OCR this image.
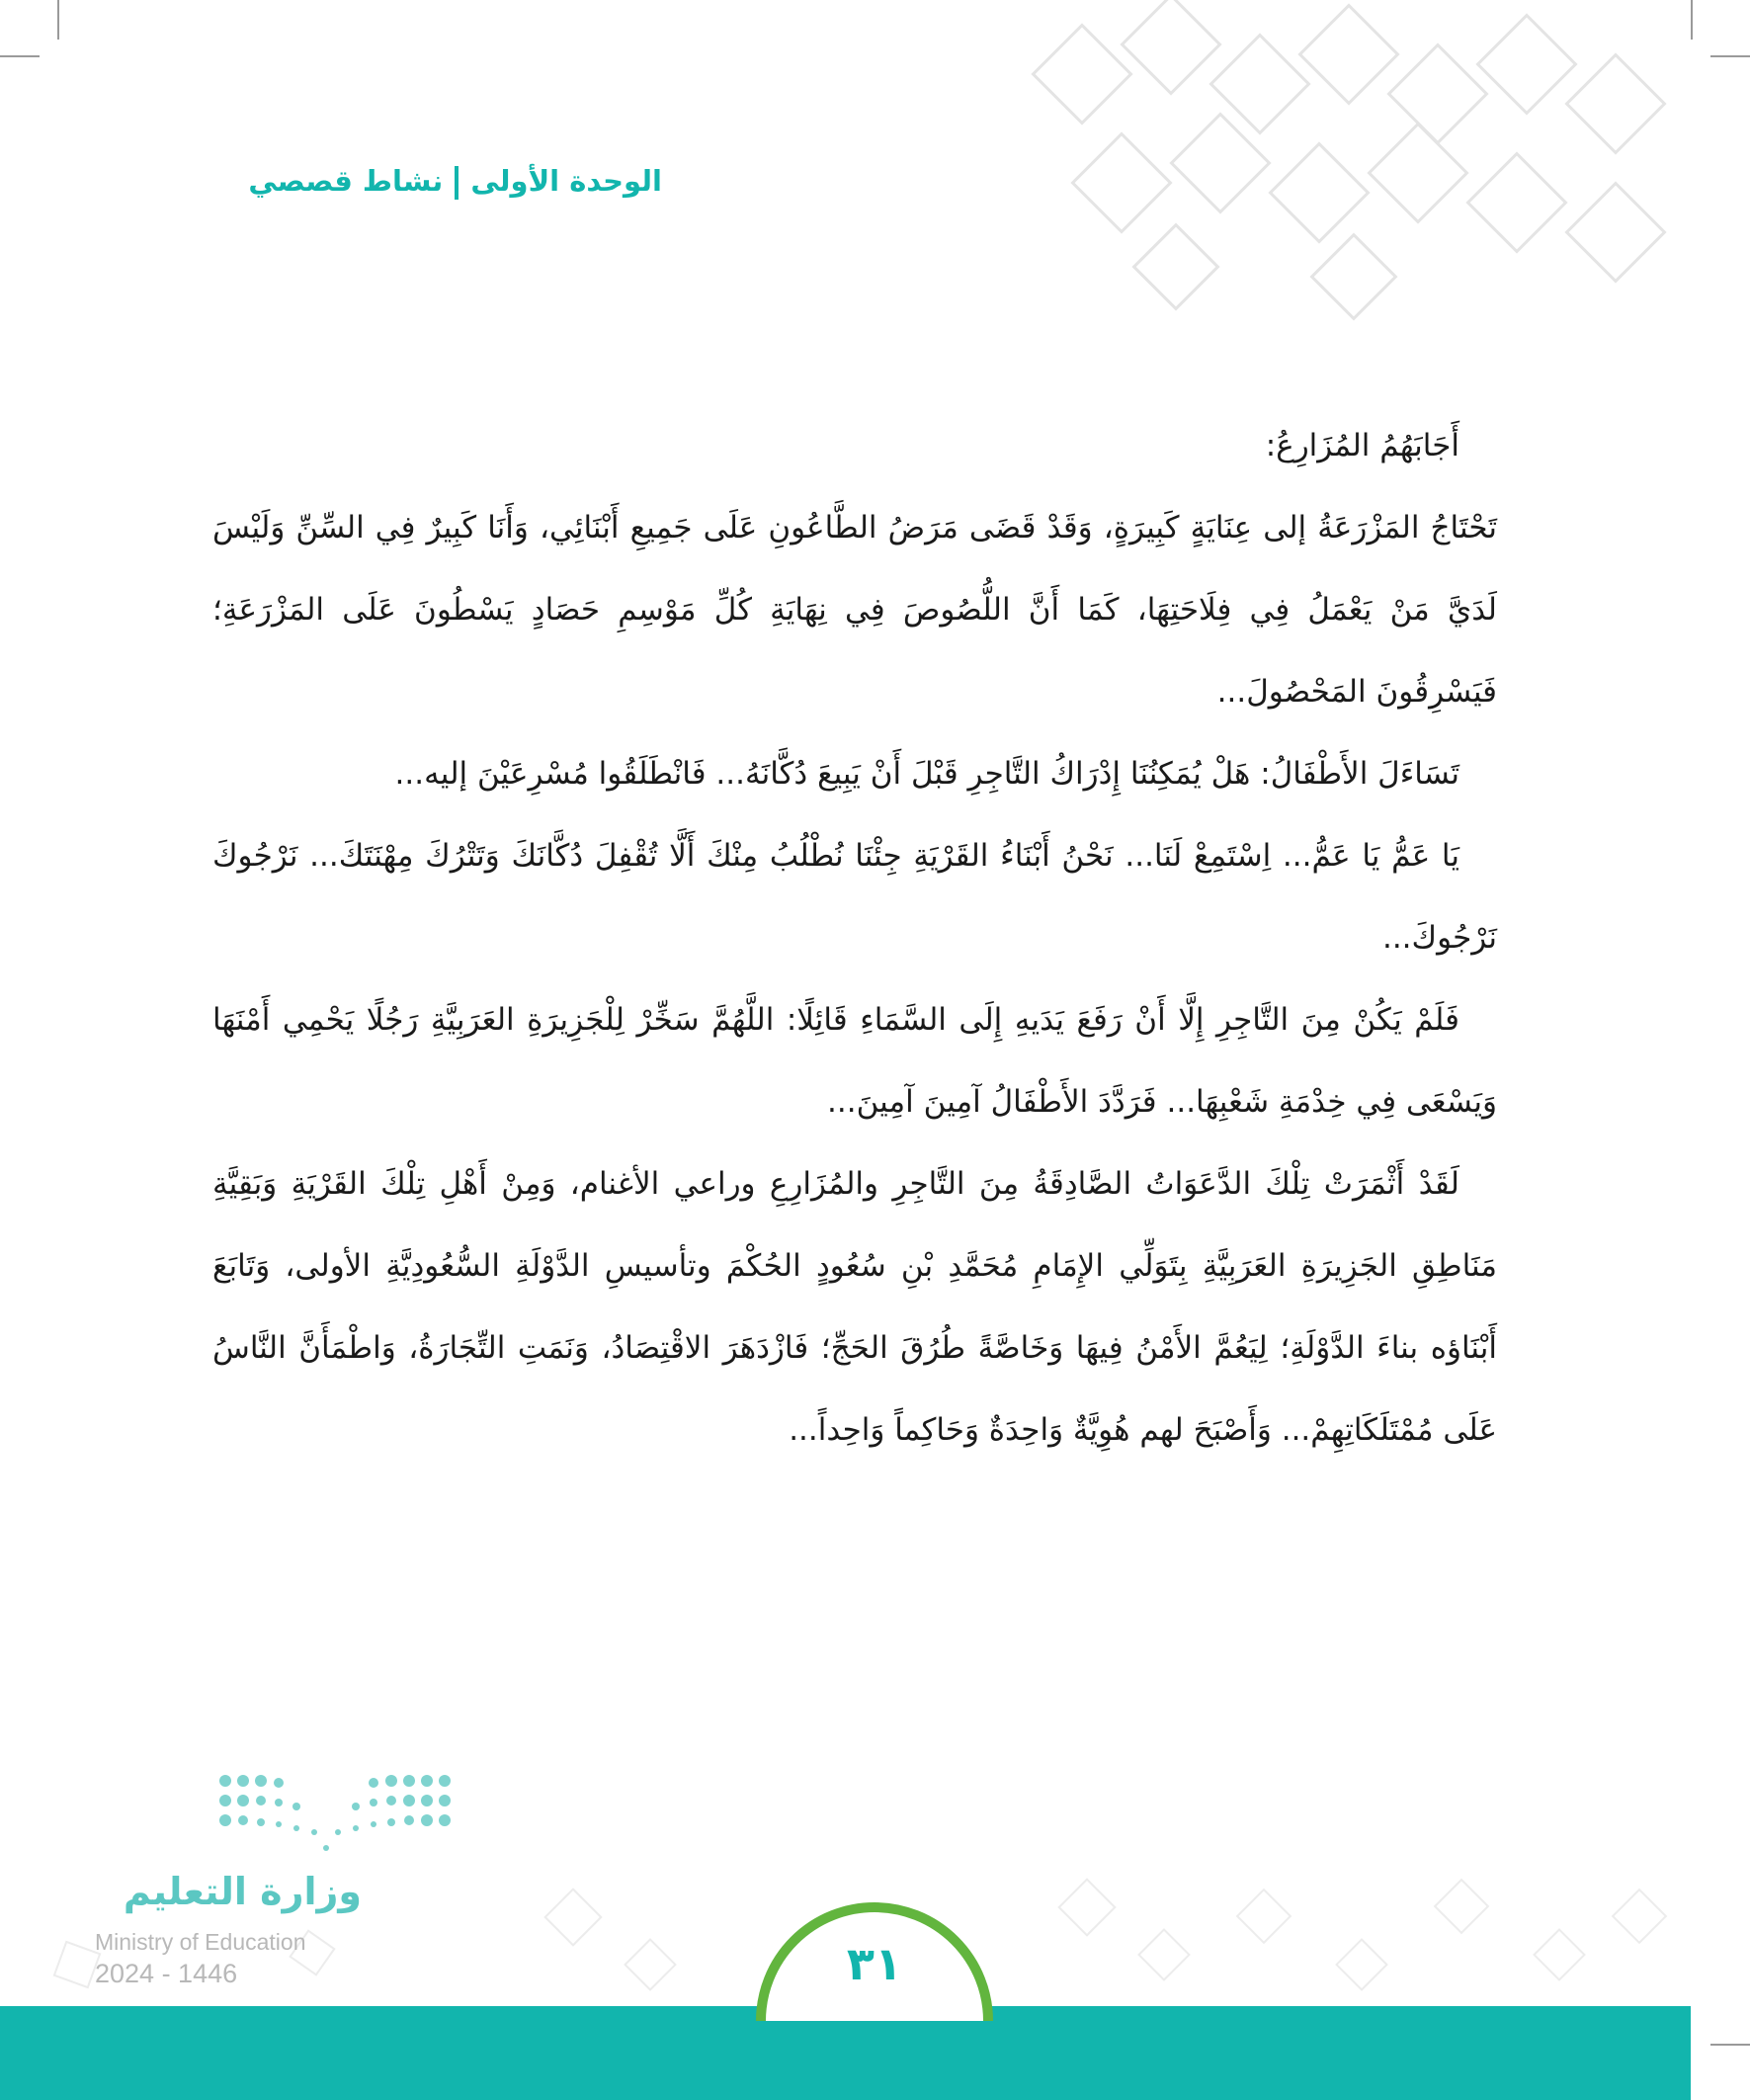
الوحدة الأولىنشاط قصصي

أَجَابَهُمُ المُزَارِعُ:

تَحْتَاجُ المَزْرَعَةُ إلى عِنَايَةٍ كَبِيرَةٍ، وَقَدْ قَضَى مَرَضُ الطَّاعُونِ عَلَى جَمِيعِ أَبْنَائِي، وَأَنَا كَبِيرٌ فِي السِّنِّ وَلَيْسَ لَدَيَّ مَنْ يَعْمَلُ فِي فِلَاحَتِهَا، كَمَا أَنَّ اللُّصُوصَ فِي نِهَايَةِ كُلِّ مَوْسِمِ حَصَادٍ يَسْطُونَ عَلَى المَزْرَعَةِ؛ فَيَسْرِقُونَ المَحْصُولَ...

تَسَاءَلَ الأَطْفَالُ: هَلْ يُمَكِنُنَا إِدْرَاكُ التَّاجِرِ قَبْلَ أَنْ يَبِيعَ دُكَّانَهُ... فَانْطَلَقُوا مُسْرِعَيْنَ إليه...

يَا عَمُّ يَا عَمُّ... اِسْتَمِعْ لَنَا... نَحْنُ أَبْنَاءُ القَرْيَةِ جِئْنَا نُطْلُبُ مِنْكَ أَلَّا تُقْفِلَ دُكَّانَكَ وَتَتْرُكَ مِهْنَتَكَ... نَرْجُوكَ نَرْجُوكَ...

فَلَمْ يَكُنْ مِنَ التَّاجِرِ إِلَّا أَنْ رَفَعَ يَدَيهِ إِلَى السَّمَاءِ قَائِلًا: اللَّهُمَّ سَخِّرْ لِلْجَزِيرَةِ العَرَبِيَّةِ رَجُلًا يَحْمِي أَمْنَهَا وَيَسْعَى فِي خِدْمَةِ شَعْبِهَا... فَرَدَّدَ الأَطْفَالُ آمِينَ آمِينَ...

لَقَدْ أَثْمَرَتْ تِلْكَ الدَّعَوَاتُ الصَّادِقَةُ مِنَ التَّاجِرِ والمُزَارِعِ وراعي الأغنام، وَمِنْ أَهْلِ تِلْكَ القَرْيَةِ وَبَقِيَّةِ مَنَاطِقِ الجَزِيرَةِ العَرَبِيَّةِ بِتَوَلِّي الإِمَامِ مُحَمَّدِ بْنِ سُعُودٍ الحُكْمَ وتأسيسِ الدَّوْلَةِ السُّعُودِيَّةِ الأولى، وَتَابَعَ أَبْنَاؤه بناءَ الدَّوْلَةِ؛ لِيَعُمَّ الأَمْنُ فِيهَا وَخَاصَّةً طُرُقَ الحَجِّ؛ فَازْدَهَرَ الاقْتِصَادُ، وَنَمَتِ التِّجَارَةُ، وَاطْمَأَنَّ النَّاسُ عَلَى مُمْتَلَكَاتِهِمْ... وَأَصْبَحَ لهم هُوِيَّةٌ وَاحِدَةٌ وَحَاكِماً وَاحِداً...

وزارة التعليم
Ministry of Education
2024 - 1446	٣١
